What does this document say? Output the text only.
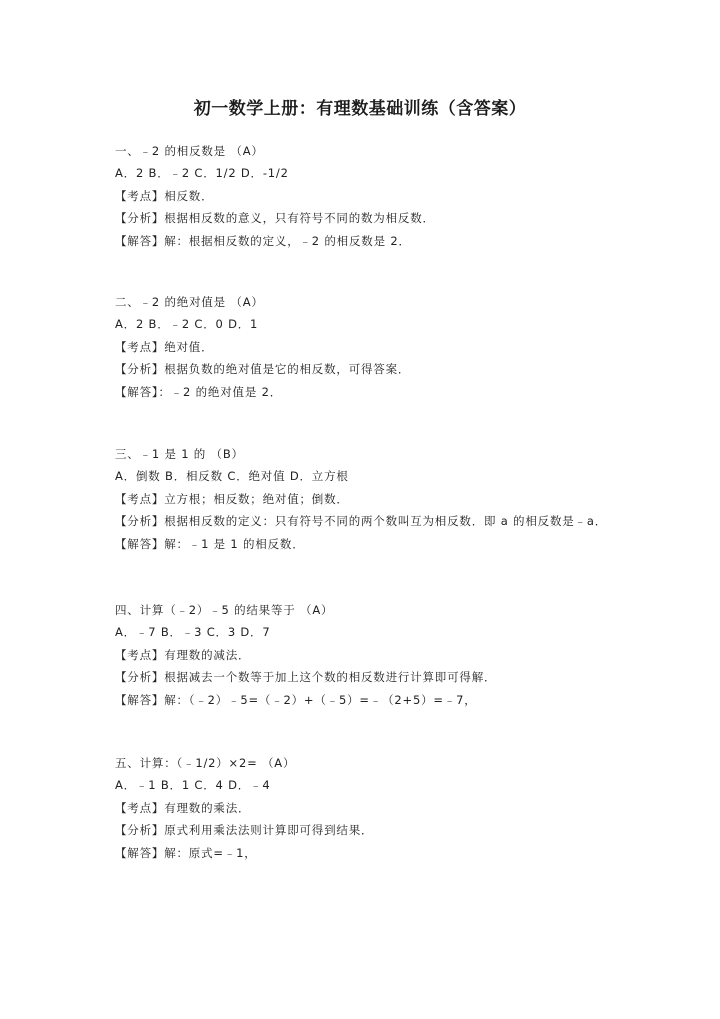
初一数学上册：有理数基础训练（含答案）
一、﹣2 的相反数是 （A）
A．2 B．﹣2 C．1/2 D．-1/2
【考点】相反数．
【分析】根据相反数的意义，只有符号不同的数为相反数．
【解答】解：根据相反数的定义，﹣2 的相反数是 2．
二、﹣2 的绝对值是 （A）
A．2 B．﹣2 C．0 D．1
【考点】绝对值．
【分析】根据负数的绝对值是它的相反数，可得答案．
【解答】：﹣2 的绝对值是 2．
三、﹣1 是 1 的 （B）
A．倒数 B．相反数 C．绝对值 D．立方根
【考点】立方根；相反数；绝对值；倒数．
【分析】根据相反数的定义：只有符号不同的两个数叫互为相反数．即 a 的相反数是﹣a．
【解答】解：﹣1 是 1 的相反数．
四、计算（﹣2）﹣5 的结果等于 （A）
A．﹣7 B．﹣3 C．3 D．7
【考点】有理数的减法．
【分析】根据减去一个数等于加上这个数的相反数进行计算即可得解．
【解答】解：（﹣2）﹣5=（﹣2）+（﹣5）=﹣（2+5）=﹣7，
五、计算：（﹣1/2）×2= （A）
A．﹣1 B．1 C．4 D．﹣4
【考点】有理数的乘法．
【分析】原式利用乘法法则计算即可得到结果．
【解答】解：原式=﹣1，
